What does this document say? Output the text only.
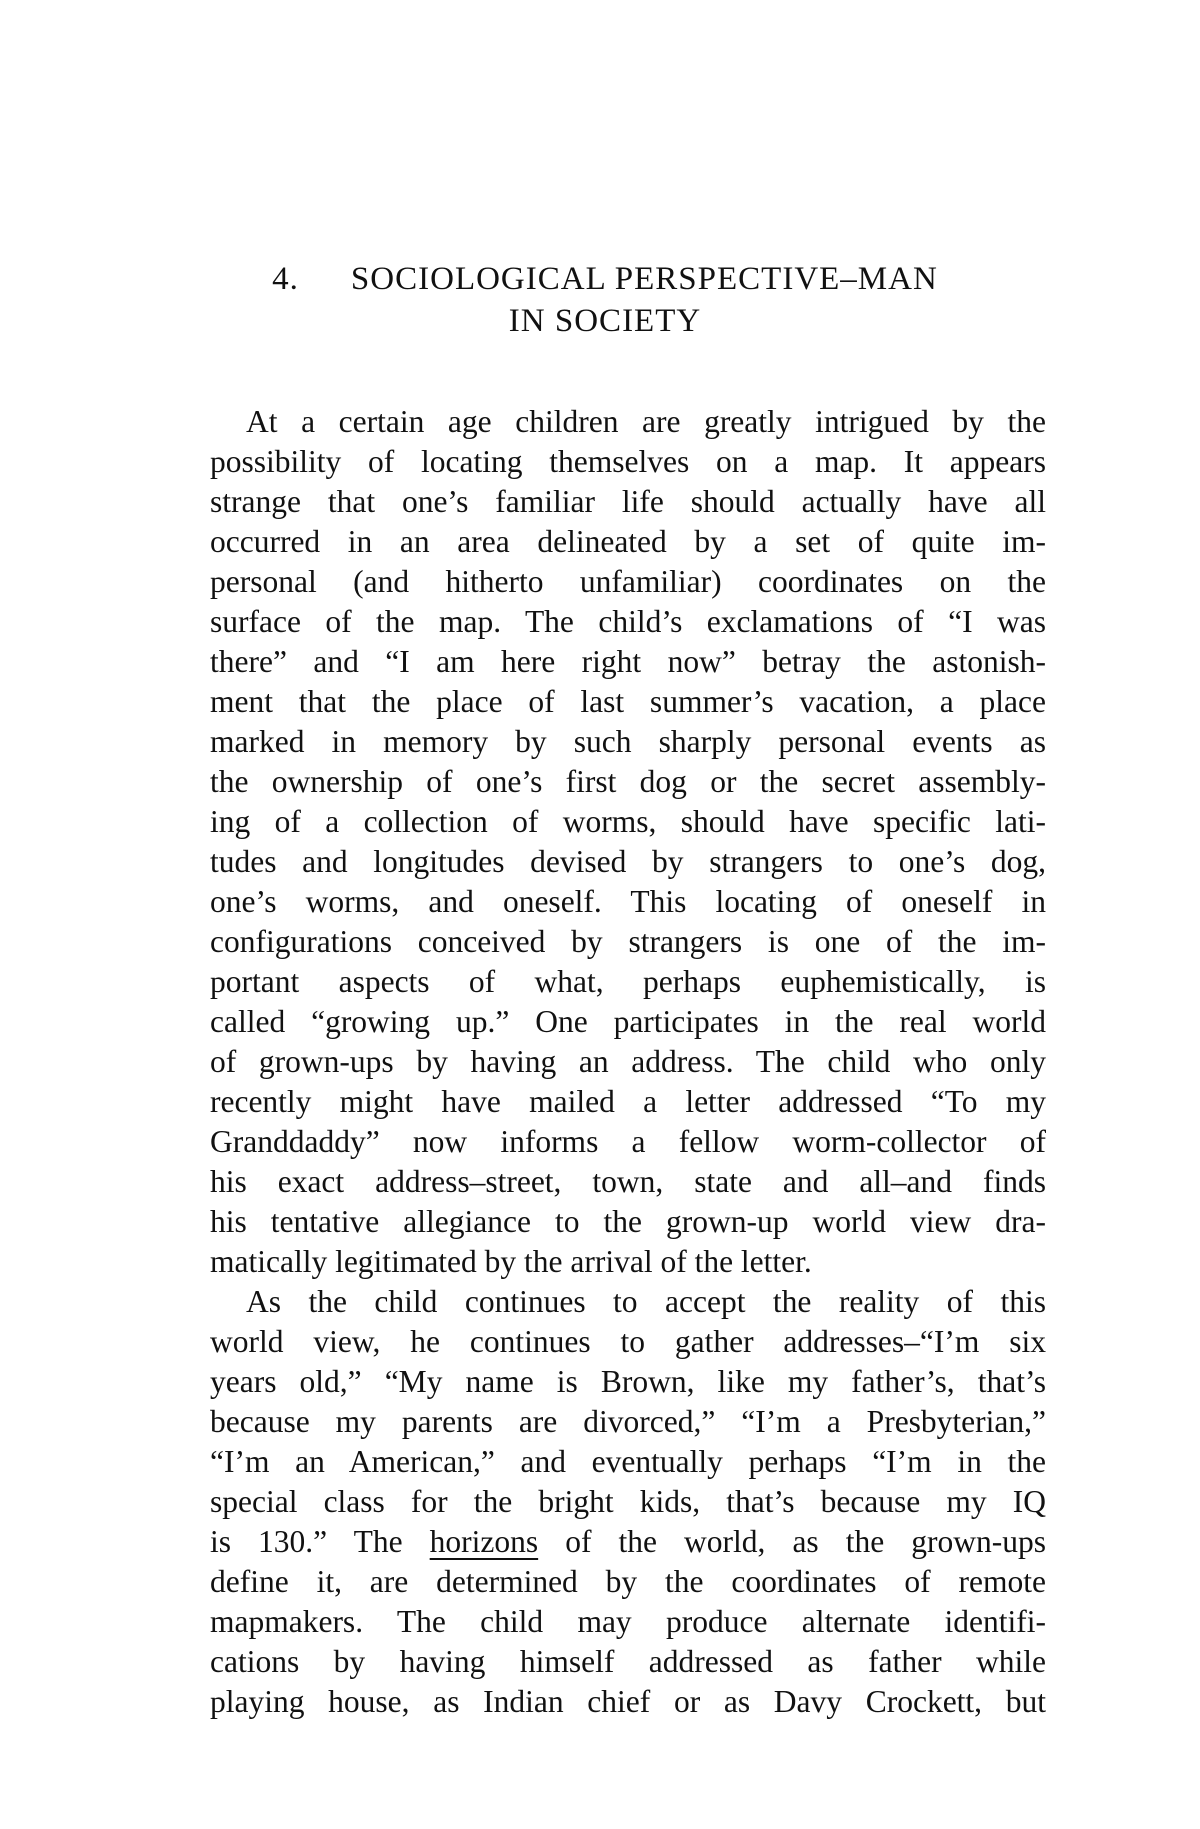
4. SOCIOLOGICAL PERSPECTIVE–MAN
IN SOCIETY
At a certain age children are greatly intrigued by the
possibility of locating themselves on a map. It appears
strange that one’s familiar life should actually have all
occurred in an area delineated by a set of quite im-
personal (and hitherto unfamiliar) coordinates on the
surface of the map. The child’s exclamations of “I was
there” and “I am here right now” betray the astonish-
ment that the place of last summer’s vacation, a place
marked in memory by such sharply personal events as
the ownership of one’s first dog or the secret assembly-
ing of a collection of worms, should have specific lati-
tudes and longitudes devised by strangers to one’s dog,
one’s worms, and oneself. This locating of oneself in
configurations conceived by strangers is one of the im-
portant aspects of what, perhaps euphemistically, is
called “growing up.” One participates in the real world
of grown-ups by having an address. The child who only
recently might have mailed a letter addressed “To my
Granddaddy” now informs a fellow worm-collector of
his exact address–street, town, state and all–and finds
his tentative allegiance to the grown-up world view dra-
matically legitimated by the arrival of the letter.
As the child continues to accept the reality of this
world view, he continues to gather addresses–“I’m six
years old,” “My name is Brown, like my father’s, that’s
because my parents are divorced,” “I’m a Presbyterian,”
“I’m an American,” and eventually perhaps “I’m in the
special class for the bright kids, that’s because my IQ
is 130.” The horizons of the world, as the grown-ups
define it, are determined by the coordinates of remote
mapmakers. The child may produce alternate identifi-
cations by having himself addressed as father while
playing house, as Indian chief or as Davy Crockett, but
